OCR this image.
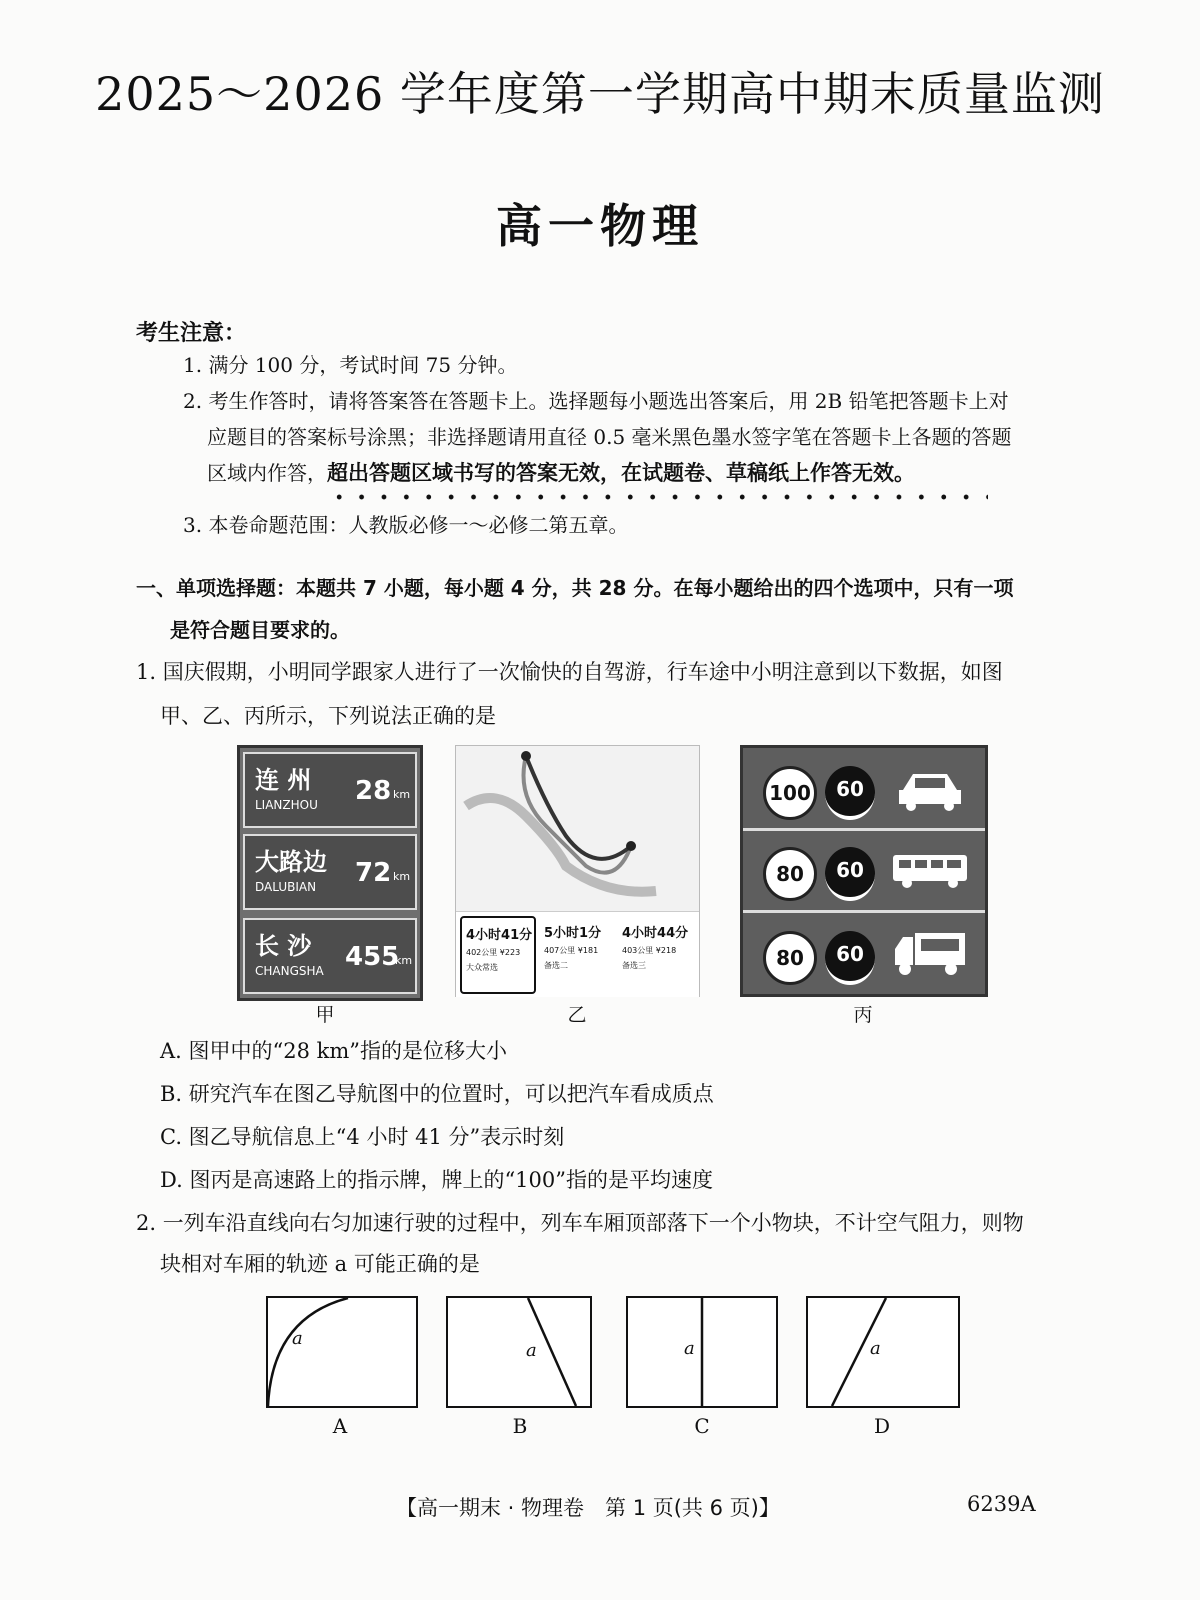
2025～2026 学年度第一学期高中期末质量监测
高一物理
考生注意：
1. 满分 100 分，考试时间 75 分钟。
2. 考生作答时，请将答案答在答题卡上。选择题每小题选出答案后，用 2B 铅笔把答题卡上对
应题目的答案标号涂黑；非选择题请用直径 0.5 毫米黑色墨水签字笔在答题卡上各题的答题
区域内作答，超出答题区域书写的答案无效，在试题卷、草稿纸上作答无效。
3. 本卷命题范围：人教版必修一～必修二第五章。
一、单项选择题：本题共 7 小题，每小题 4 分，共 28 分。在每小题给出的四个选项中，只有一项
是符合题目要求的。
1. 国庆假期，小明同学跟家人进行了一次愉快的自驾游，行车途中小明注意到以下数据，如图
甲、乙、丙所示，下列说法正确的是
连 州
LIANZHOU 28 km
大路边
DALUBIAN 72 km
长 沙
CHANGSHA 455
km
甲
4小时41分
402公里 ¥223
大众常选
5小时1分
407公里 ¥181
备选二
4小时44分
403公里 ¥218
备选三
乙
100	60
80	60
80	60
丙
A. 图甲中的“28 km”指的是位移大小
B. 研究汽车在图乙导航图中的位置时，可以把汽车看成质点
C. 图乙导航信息上“4 小时 41 分”表示时刻
D. 图丙是高速路上的指示牌，牌上的“100”指的是平均速度
2. 一列车沿直线向右匀加速行驶的过程中，列车车厢顶部落下一个小物块，不计空气阻力，则物
块相对车厢的轨迹 a 可能正确的是
a
A
a
B
a
C
a
D
【高一期末 · 物理卷　第 1 页(共 6 页)】	6239A
